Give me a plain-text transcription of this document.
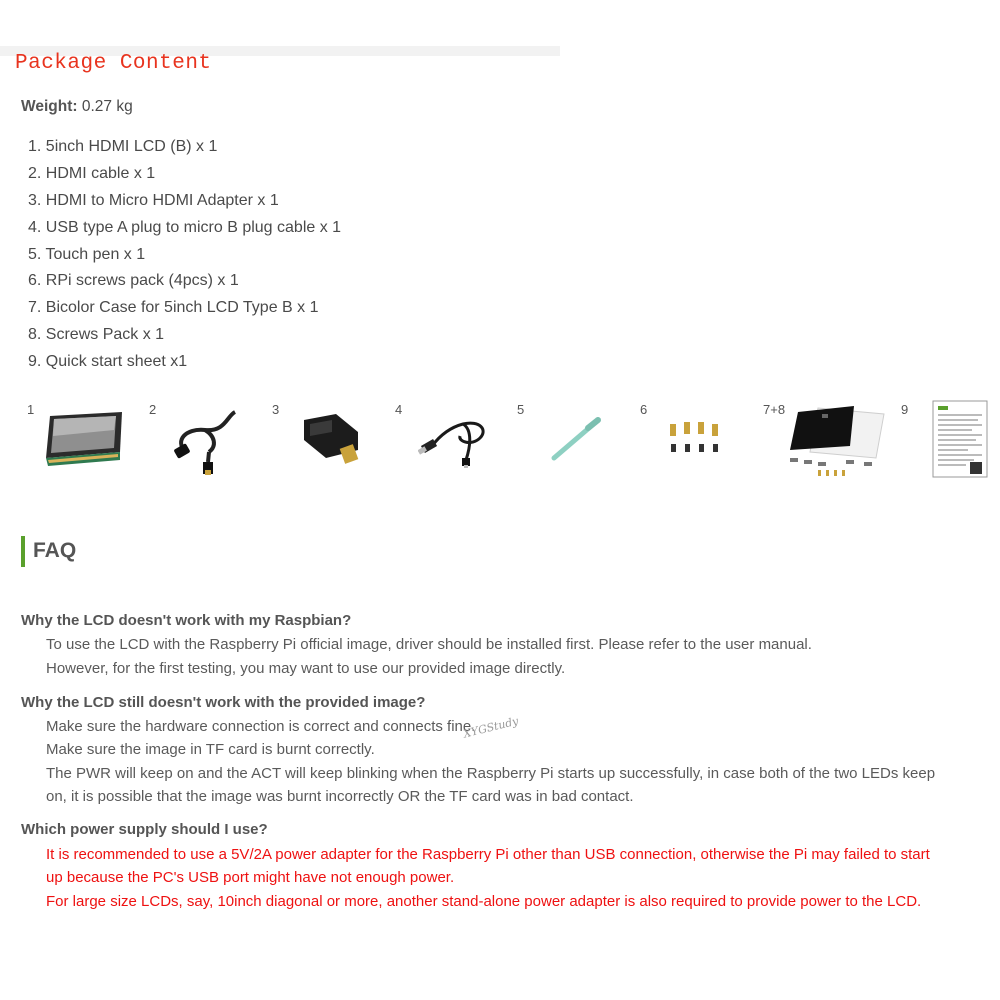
Package Content
Weight: 0.27 kg
1. 5inch HDMI LCD (B) x 1
2. HDMI cable x 1
3. HDMI to Micro HDMI Adapter x 1
4. USB type A plug to micro B plug cable x 1
5. Touch pen x 1
6. RPi screws pack (4pcs) x 1
7. Bicolor Case for 5inch LCD Type B x 1
8. Screws Pack x 1
9. Quick start sheet x1
1	2	3	4	5	6	7+8	9
FAQ
Why the LCD doesn't work with my Raspbian?
To use the LCD with the Raspberry Pi official image, driver should be installed first. Please refer to the user manual.
However, for the first testing, you may want to use our provided image directly.
Why the LCD still doesn't work with the provided image?
Make sure the hardware connection is correct and connects fine.
Make sure the image in TF card is burnt correctly.
The PWR will keep on and the ACT will keep blinking when the Raspberry Pi starts up successfully, in case both of the two LEDs keep
on, it is possible that the image was burnt incorrectly OR the TF card was in bad contact.
Which power supply should I use?
It is recommended to use a 5V/2A power adapter for the Raspberry Pi other than USB connection, otherwise the Pi may failed to start
up because the PC's USB port might have not enough power.
For large size LCDs, say, 10inch diagonal or more, another stand-alone power adapter is also required to provide power to the LCD.
XYGStudy
